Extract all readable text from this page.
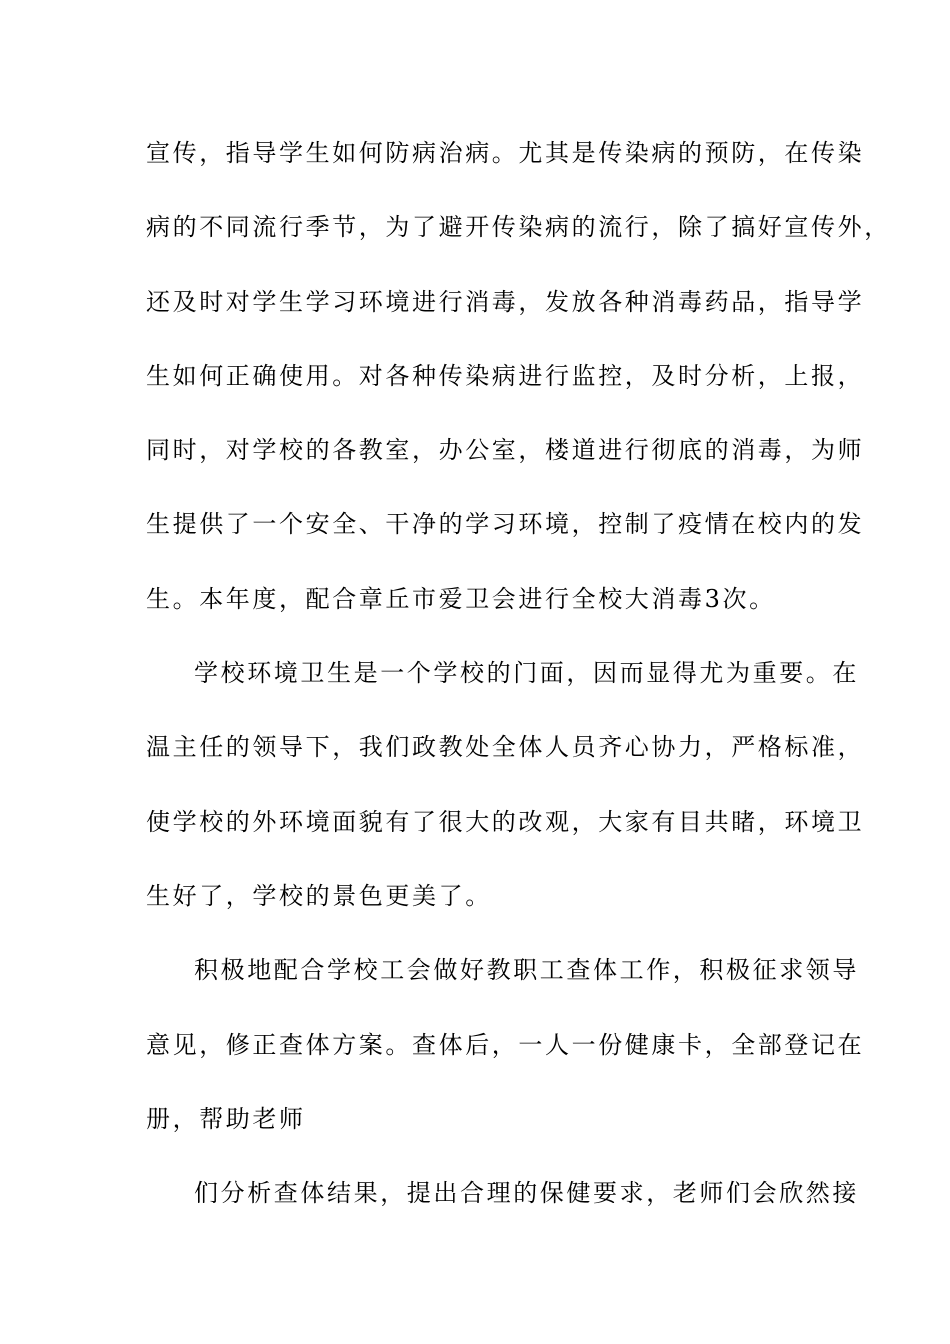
宣传，指导学生如何防病治病。尤其是传染病的预防，在传染
病的不同流行季节，为了避开传染病的流行，除了搞好宣传外，
还及时对学生学习环境进行消毒，发放各种消毒药品，指导学
生如何正确使用。对各种传染病进行监控，及时分析，上报，
同时，对学校的各教室，办公室，楼道进行彻底的消毒，为师
生提供了一个安全、干净的学习环境，控制了疫情在校内的发
生。本年度，配合章丘市爱卫会进行全校大消毒3次。
学校环境卫生是一个学校的门面，因而显得尤为重要。在
温主任的领导下，我们政教处全体人员齐心协力，严格标准，
使学校的外环境面貌有了很大的改观，大家有目共睹，环境卫
生好了，学校的景色更美了。
积极地配合学校工会做好教职工查体工作，积极征求领导
意见，修正查体方案。查体后，一人一份健康卡，全部登记在
册，帮助老师
们分析查体结果，提出合理的保健要求，老师们会欣然接
